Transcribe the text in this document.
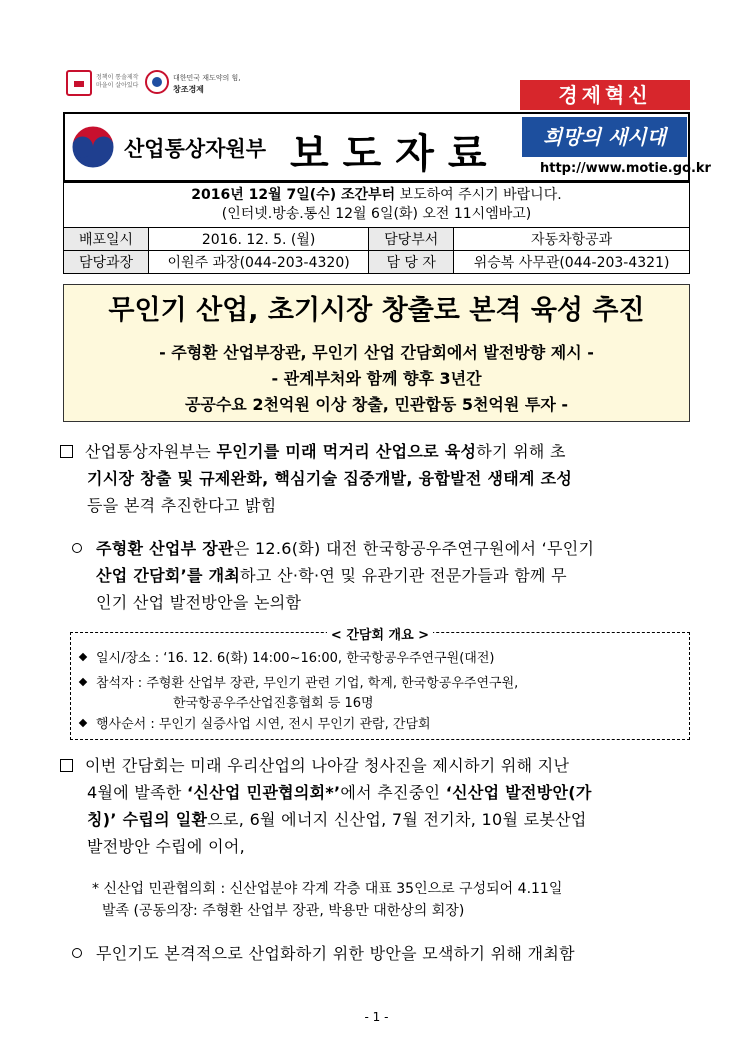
정책이 통솔제작
마을이 살아있다
대한민국 재도약의 힘,
창조경제	경제혁신
산업통상자원부 보도자료	희망의 새시대
http://www.motie.go.kr
2016년 12월 7일(수) 조간부터 보도하여 주시기 바랍니다.
(인터넷.방송.통신 12월 6일(화) 오전 11시엠바고)			
배포일시	2016. 12. 5. (월)	담당부서	자동차항공과
담당과장	이원주 과장(044-203-4320)	담 당 자	위승복 사무관(044-203-4321)
무인기 산업, 초기시장 창출로 본격 육성 추진
- 주형환 산업부장관, 무인기 산업 간담회에서 발전방향 제시 -
- 관계부처와 함께 향후 3년간
공공수요 2천억원 이상 창출, 민관합동 5천억원 투자 -
산업통상자원부는 무인기를 미래 먹거리 산업으로 육성하기 위해 초
기시장 창출 및 규제완화, 핵심기술 집중개발, 융합발전 생태계 조성
등을 본격 추진한다고 밝힘
주형환 산업부 장관은 12.6(화) 대전 한국항공우주연구원에서 ‘무인기
산업 간담회’를 개최하고 산·학·연 및 유관기관 전문가들과 함께 무
인기 산업 발전방안을 논의함
< 간담회 개요 >
일시/장소 : ‘16. 12. 6(화) 14:00~16:00, 한국항공우주연구원(대전)
참석자 : 주형환 산업부 장관, 무인기 관련 기업, 학계, 한국항공우주연구원,
한국항공우주산업진흥협회 등 16명
행사순서 : 무인기 실증사업 시연, 전시 무인기 관람, 간담회
이번 간담회는 미래 우리산업의 나아갈 청사진을 제시하기 위해 지난
4월에 발족한 ‘신산업 민관협의회*’에서 추진중인 ‘신산업 발전방안(가
칭)’ 수립의 일환으로, 6월 에너지 신산업, 7월 전기차, 10월 로봇산업
발전방안 수립에 이어,
* 신산업 민관협의회 : 신산업분야 각계 각층 대표 35인으로 구성되어 4.11일
발족 (공동의장: 주형환 산업부 장관, 박용만 대한상의 회장)
무인기도 본격적으로 산업화하기 위한 방안을 모색하기 위해 개최함
- 1 -
